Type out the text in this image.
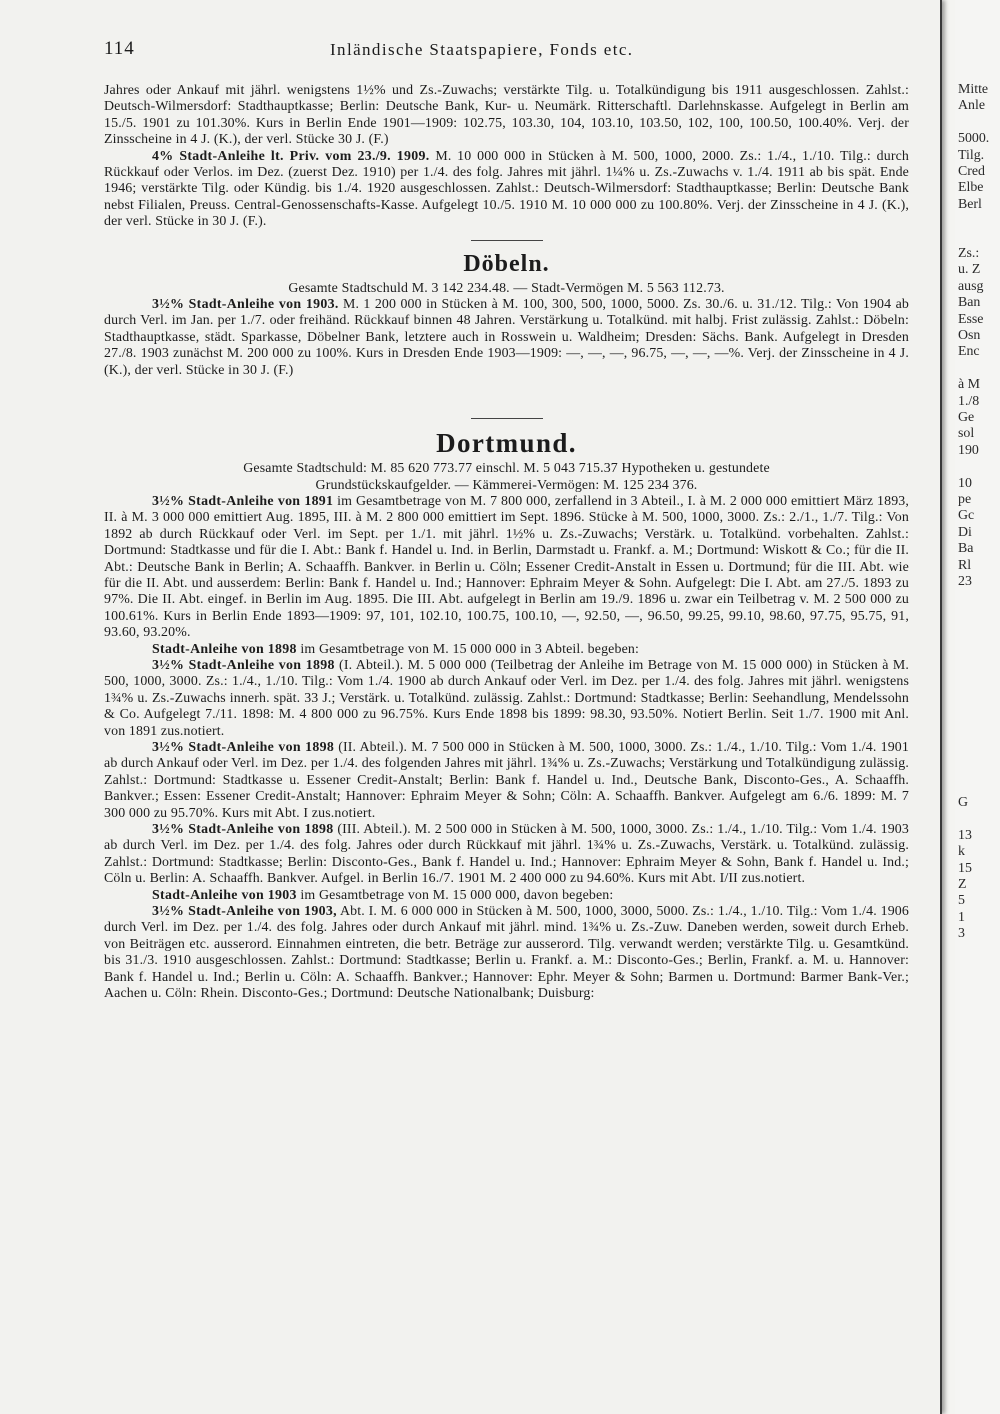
114	Inländische Staatspapiere, Fonds etc.

Jahres oder Ankauf mit jährl. wenigstens 1½% und Zs.-Zuwachs; verstärkte Tilg. u. Totalkündigung bis 1911 ausgeschlossen. Zahlst.: Deutsch-Wilmersdorf: Stadthauptkasse; Berlin: Deutsche Bank, Kur- u. Neumärk. Ritterschaftl. Darlehnskasse. Aufgelegt in Berlin am 15./5. 1901 zu 101.30%. Kurs in Berlin Ende 1901—1909: 102.75, 103.30, 104, 103.10, 103.50, 102, 100, 100.50, 100.40%. Verj. der Zinsscheine in 4 J. (K.), der verl. Stücke 30 J. (F.)

4% Stadt-Anleihe lt. Priv. vom 23./9. 1909. M. 10 000 000 in Stücken à M. 500, 1000, 2000. Zs.: 1./4., 1./10. Tilg.: durch Rückkauf oder Verlos. im Dez. (zuerst Dez. 1910) per 1./4. des folg. Jahres mit jährl. 1¼% u. Zs.-Zuwachs v. 1./4. 1911 ab bis spät. Ende 1946; verstärkte Tilg. oder Kündig. bis 1./4. 1920 ausgeschlossen. Zahlst.: Deutsch-Wilmersdorf: Stadthauptkasse; Berlin: Deutsche Bank nebst Filialen, Preuss. Central-Genossenschafts-Kasse. Aufgelegt 10./5. 1910 M. 10 000 000 zu 100.80%. Verj. der Zinsscheine in 4 J. (K.), der verl. Stücke in 30 J. (F.).

Döbeln.

Gesamte Stadtschuld M. 3 142 234.48. — Stadt-Vermögen M. 5 563 112.73.

3½% Stadt-Anleihe von 1903. M. 1 200 000 in Stücken à M. 100, 300, 500, 1000, 5000. Zs. 30./6. u. 31./12. Tilg.: Von 1904 ab durch Verl. im Jan. per 1./7. oder freihänd. Rückkauf binnen 48 Jahren. Verstärkung u. Totalkünd. mit halbj. Frist zulässig. Zahlst.: Döbeln: Stadthauptkasse, städt. Sparkasse, Döbelner Bank, letztere auch in Rosswein u. Waldheim; Dresden: Sächs. Bank. Aufgelegt in Dresden 27./8. 1903 zunächst M. 200 000 zu 100%. Kurs in Dresden Ende 1903—1909: —, —, —, 96.75, —, —, —%. Verj. der Zinsscheine in 4 J. (K.), der verl. Stücke in 30 J. (F.)

Dortmund.

Gesamte Stadtschuld: M. 85 620 773.77 einschl. M. 5 043 715.37 Hypotheken u. gestundete

Grundstückskaufgelder. — Kämmerei-Vermögen: M. 125 234 376.

3½% Stadt-Anleihe von 1891 im Gesamtbetrage von M. 7 800 000, zerfallend in 3 Abteil., I. à M. 2 000 000 emittiert März 1893, II. à M. 3 000 000 emittiert Aug. 1895, III. à M. 2 800 000 emittiert im Sept. 1896. Stücke à M. 500, 1000, 3000. Zs.: 2./1., 1./7. Tilg.: Von 1892 ab durch Rückkauf oder Verl. im Sept. per 1./1. mit jährl. 1½% u. Zs.-Zuwachs; Verstärk. u. Totalkünd. vorbehalten. Zahlst.: Dortmund: Stadtkasse und für die I. Abt.: Bank f. Handel u. Ind. in Berlin, Darmstadt u. Frankf. a. M.; Dortmund: Wiskott & Co.; für die II. Abt.: Deutsche Bank in Berlin; A. Schaaffh. Bankver. in Berlin u. Cöln; Essener Credit-Anstalt in Essen u. Dortmund; für die III. Abt. wie für die II. Abt. und ausserdem: Berlin: Bank f. Handel u. Ind.; Hannover: Ephraim Meyer & Sohn. Aufgelegt: Die I. Abt. am 27./5. 1893 zu 97%. Die II. Abt. eingef. in Berlin im Aug. 1895. Die III. Abt. aufgelegt in Berlin am 19./9. 1896 u. zwar ein Teilbetrag v. M. 2 500 000 zu 100.61%. Kurs in Berlin Ende 1893—1909: 97, 101, 102.10, 100.75, 100.10, —, 92.50, —, 96.50, 99.25, 99.10, 98.60, 97.75, 95.75, 91, 93.60, 93.20%.

Stadt-Anleihe von 1898 im Gesamtbetrage von M. 15 000 000 in 3 Abteil. begeben:

3½% Stadt-Anleihe von 1898 (I. Abteil.). M. 5 000 000 (Teilbetrag der Anleihe im Betrage von M. 15 000 000) in Stücken à M. 500, 1000, 3000. Zs.: 1./4., 1./10. Tilg.: Vom 1./4. 1900 ab durch Ankauf oder Verl. im Dez. per 1./4. des folg. Jahres mit jährl. wenigstens 1¾% u. Zs.-Zuwachs innerh. spät. 33 J.; Verstärk. u. Totalkünd. zulässig. Zahlst.: Dortmund: Stadtkasse; Berlin: Seehandlung, Mendelssohn & Co. Aufgelegt 7./11. 1898: M. 4 800 000 zu 96.75%. Kurs Ende 1898 bis 1899: 98.30, 93.50%. Notiert Berlin. Seit 1./7. 1900 mit Anl. von 1891 zus.notiert.

3½% Stadt-Anleihe von 1898 (II. Abteil.). M. 7 500 000 in Stücken à M. 500, 1000, 3000. Zs.: 1./4., 1./10. Tilg.: Vom 1./4. 1901 ab durch Ankauf oder Verl. im Dez. per 1./4. des folgenden Jahres mit jährl. 1¾% u. Zs.-Zuwachs; Verstärkung und Totalkündigung zulässig. Zahlst.: Dortmund: Stadtkasse u. Essener Credit-Anstalt; Berlin: Bank f. Handel u. Ind., Deutsche Bank, Disconto-Ges., A. Schaaffh. Bankver.; Essen: Essener Credit-Anstalt; Hannover: Ephraim Meyer & Sohn; Cöln: A. Schaaffh. Bankver. Aufgelegt am 6./6. 1899: M. 7 300 000 zu 95.70%. Kurs mit Abt. I zus.notiert.

3½% Stadt-Anleihe von 1898 (III. Abteil.). M. 2 500 000 in Stücken à M. 500, 1000, 3000. Zs.: 1./4., 1./10. Tilg.: Vom 1./4. 1903 ab durch Verl. im Dez. per 1./4. des folg. Jahres oder durch Rückkauf mit jährl. 1¾% u. Zs.-Zuwachs, Verstärk. u. Totalkünd. zulässig. Zahlst.: Dortmund: Stadtkasse; Berlin: Disconto-Ges., Bank f. Handel u. Ind.; Hannover: Ephraim Meyer & Sohn, Bank f. Handel u. Ind.; Cöln u. Berlin: A. Schaaffh. Bankver. Aufgel. in Berlin 16./7. 1901 M. 2 400 000 zu 94.60%. Kurs mit Abt. I/II zus.notiert.

Stadt-Anleihe von 1903 im Gesamtbetrage von M. 15 000 000, davon begeben:

3½% Stadt-Anleihe von 1903, Abt. I. M. 6 000 000 in Stücken à M. 500, 1000, 3000, 5000. Zs.: 1./4., 1./10. Tilg.: Vom 1./4. 1906 durch Verl. im Dez. per 1./4. des folg. Jahres oder durch Ankauf mit jährl. mind. 1¾% u. Zs.-Zuw. Daneben werden, soweit durch Erheb. von Beiträgen etc. ausserord. Einnahmen eintreten, die betr. Beträge zur ausserord. Tilg. verwandt werden; verstärkte Tilg. u. Gesamtkünd. bis 31./3. 1910 ausgeschlossen. Zahlst.: Dortmund: Stadtkasse; Berlin u. Frankf. a. M.: Disconto-Ges.; Berlin, Frankf. a. M. u. Hannover: Bank f. Handel u. Ind.; Berlin u. Cöln: A. Schaaffh. Bankver.; Hannover: Ephr. Meyer & Sohn; Barmen u. Dortmund: Barmer Bank-Ver.; Aachen u. Cöln: Rhein. Disconto-Ges.; Dortmund: Deutsche Nationalbank; Duisburg:

Mitte
Anle
5000.
Tilg.
Cred
Elbe
Berl
Zs.:
u. Z
ausg
Ban
Esse
Osn
Enc
à M
1./8
Ge
sol
190
10
pe
Gc
Di
Ba
Rl
23
G
13
k
15
Z
5
1
3
